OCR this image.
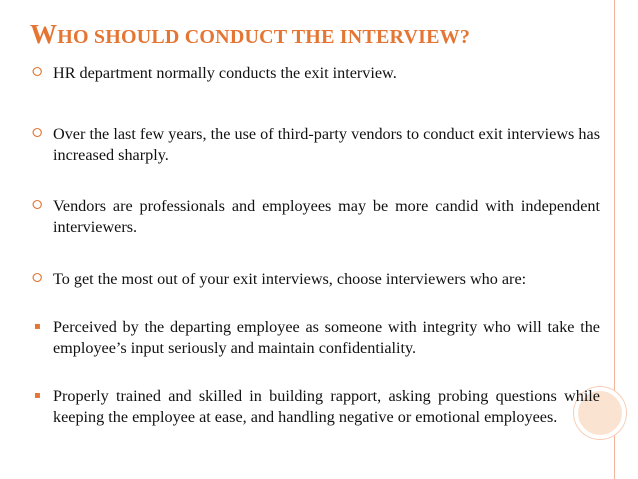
WHO SHOULD CONDUCT THE INTERVIEW?
⭘ HR department normally conducts the exit interview.
⭘ Over the last few years, the use of third-party vendors to conduct exit interviews has increased sharply.
⭘ Vendors are professionals and employees may be more candid with independent interviewers.
⭘ To get the most out of your exit interviews, choose interviewers who are:
▪ Perceived by the departing employee as someone with integrity who will take the employee’s input seriously and maintain confidentiality.
▪ Properly trained and skilled in building rapport, asking probing questions while keeping the employee at ease, and handling negative or emotional employees.
